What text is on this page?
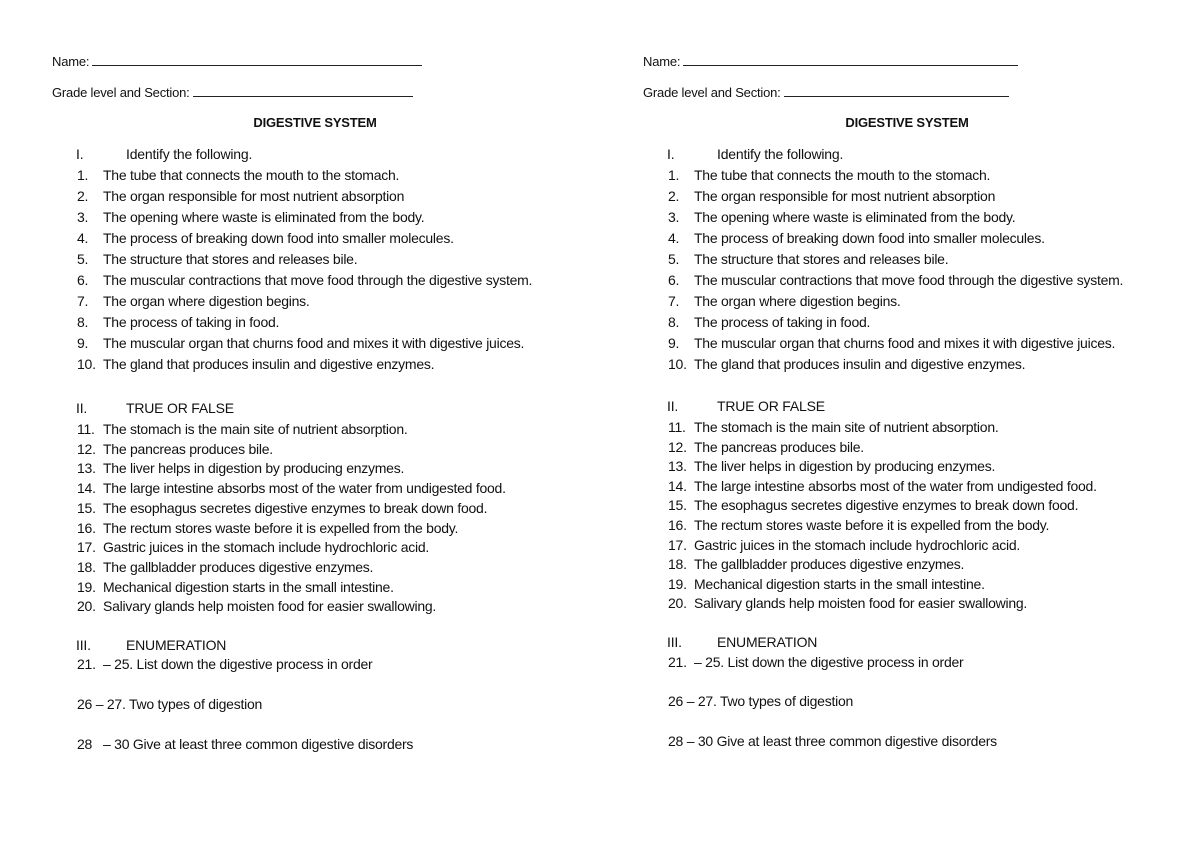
Name:
Grade level and Section:
DIGESTIVE SYSTEM
I.	Identify the following.
1. The tube that connects the mouth to the stomach.
2. The organ responsible for most nutrient absorption
3. The opening where waste is eliminated from the body.
4. The process of breaking down food into smaller molecules.
5. The structure that stores and releases bile.
6. The muscular contractions that move food through the digestive system.
7. The organ where digestion begins.
8. The process of taking in food.
9. The muscular organ that churns food and mixes it with digestive juices.
10. The gland that produces insulin and digestive enzymes.
II.	TRUE OR FALSE
11. The stomach is the main site of nutrient absorption.
12. The pancreas produces bile.
13. The liver helps in digestion by producing enzymes.
14. The large intestine absorbs most of the water from undigested food.
15. The esophagus secretes digestive enzymes to break down food.
16. The rectum stores waste before it is expelled from the body.
17. Gastric juices in the stomach include hydrochloric acid.
18. The gallbladder produces digestive enzymes.
19. Mechanical digestion starts in the small intestine.
20. Salivary glands help moisten food for easier swallowing.
III.	ENUMERATION
21. – 25. List down the digestive process in order
26 – 27. Two types of digestion
28 – 30 Give at least three common digestive disorders
Name:
Grade level and Section:
DIGESTIVE SYSTEM
I.	Identify the following.
1. The tube that connects the mouth to the stomach.
2. The organ responsible for most nutrient absorption
3. The opening where waste is eliminated from the body.
4. The process of breaking down food into smaller molecules.
5. The structure that stores and releases bile.
6. The muscular contractions that move food through the digestive system.
7. The organ where digestion begins.
8. The process of taking in food.
9. The muscular organ that churns food and mixes it with digestive juices.
10. The gland that produces insulin and digestive enzymes.
II.	TRUE OR FALSE
11. The stomach is the main site of nutrient absorption.
12. The pancreas produces bile.
13. The liver helps in digestion by producing enzymes.
14. The large intestine absorbs most of the water from undigested food.
15. The esophagus secretes digestive enzymes to break down food.
16. The rectum stores waste before it is expelled from the body.
17. Gastric juices in the stomach include hydrochloric acid.
18. The gallbladder produces digestive enzymes.
19. Mechanical digestion starts in the small intestine.
20. Salivary glands help moisten food for easier swallowing.
III.	ENUMERATION
21. – 25. List down the digestive process in order
26 – 27. Two types of digestion
28 – 30 Give at least three common digestive disorders
